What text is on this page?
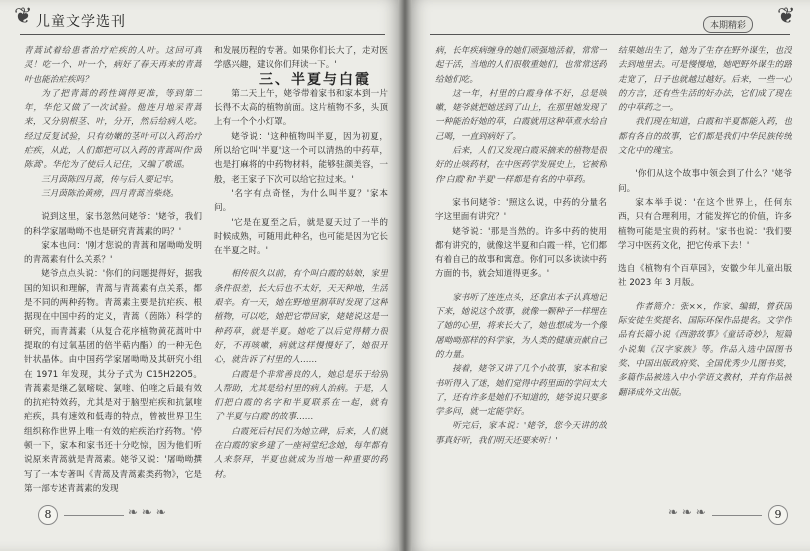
❦ 儿童文学选刊

青蒿试着给患者治疗疟疾的人叶。这回可真灵！吃一个、叶一个，病好了春天再来的青蒿叶也能治疟疾吗？

为了把青蒿的药性调得更准，等到第二年，华佗又做了一次试验。他连月地采青蒿来，又分别根茎、叶，分开，然后给病人吃。经过反复试验，只有幼嫩的茎叶可以入药治疗疟疾，从此，人们都把可以入药的青蒿叫作'茵陈蒿'。华佗为了使后人记住，又编了歌谣。

三月茵陈四月蒿，传与后人要记牢。

三月茵陈治黄痨，四月青蒿当柴烧。

说到这里，家书忽然问姥爷：'姥爷，我们的科学家屠呦呦不也是研究青蒿素的吗？'

家本也问：'刚才您说的青蒿和屠呦呦发明的青蒿素有什么关系？'

姥爷点点头说：'你们的问题提得好，据我国的知识和理解，青蒿与青蒿素有点关系，都是不同的两种药物。青蒿素主要是抗疟疾、根据现在中国中药的定义，青蒿（茵陈）科学的研究，而青蒿素（从复合花序植物黄花蒿叶中提取的有过氧基团的倍半萜内酯）的一种无色针状晶体。由中国药学家屠呦呦及其研究小组在 1971 年发现，其分子式为 C15H22O5。青蒿素是继乙氨嘧啶、氯喹、伯喹之后最有效的抗疟特效药，尤其是对于脑型疟疾和抗氯喹疟疾，具有速效和低毒的特点，曾被世界卫生组织称作世界上唯一有效的疟疾治疗药物。'停顿一下，家本和家书还十分吃惊，因为他们听说原来青蒿就是青蒿素。姥爷又说：'屠呦呦撰写了一本专著叫《青蒿及青蒿素类药物》，它是第一部专述青蒿素的发现

和发展历程的专著。如果你们长大了，走对医学感兴趣，建议你们拜读一下。'

三、半夏与白霞

第二天上午，姥爷带着家书和家本到一片长得不太高的植物前面。这片植物不多，头顶上有一个个小灯罩。

姥爷说：'这种植物叫半夏，因为初夏，所以给它叫'半夏'这一个可以清热的中药草，也是打麻将的中药物材料，能够驻颜美容，一般，老王家子下次可以给它拉过来。'

'名字有点奇怪，为什么叫半夏？'家本问。

'它是在夏至之后，就是夏天过了一半的时候成熟，可随用此种名，也可能是因为它长在半夏之时。'

相传很久以前，有个叫白霞的姑娘，家里条件很差，长大后也不太好，天天种地，生活艰辛。有一天，她在野地里割草时发现了这种植物，可以吃，她把它带回家，姥姥说这是一种药草，就是半夏。她吃了以后觉得精力很好，不再咳嗽，病就这样慢慢好了，她很开心，就告诉了村里的人……

白霞是个非常善良的人，她总是乐于给别人帮助，尤其是给村里的病人治病。于是，人们把白霞的名字和半夏联系在一起，就有了'半夏与白霞'的故事……

白霞死后村民们为她立碑，后来，人们就在白霞的家乡建了一座祠堂纪念她，每年都有人来祭拜，半夏也就成为当地一种重要的药材。

8	❧ ❧ ❧
本期精彩	❦

病，长年疾病缠身的她们顽强地活着，常常一起干活，当地的人们很敬重她们，也常常送药给她们吃。

这一年，村里的白霞身体不好，总是咳嗽，姥爷就把她送到了山上，在那里她发现了一种能治好她的草，白霞就用这种草煮水给自己喝，一直到病好了。

后来，人们又发现白霞采摘来的植物是很好的止咳药材，在中医药学发展史上，它被称作'白霞'和'半夏'一样都是有名的中草药。

家书问姥爷：'照这么说，中药的分量名字这里面有讲究？'

姥爷说：'那是当然的。许多中药的使用都有讲究的，就像这半夏和白霞一样，它们都有着自己的故事和寓意。你们可以多读读中药方面的书，就会知道得更多。'

家书听了连连点头，还拿出本子认真地记下来，她说这个故事，就像一颗种子一样埋在了她的心里，将来长大了，她也想成为一个像屠呦呦那样的科学家，为人类的健康贡献自己的力量。

接着，姥爷又讲了几个小故事，家本和家书听得入了迷，她们觉得中药里面的学问太大了，还有许多是她们不知道的，姥爷说只要多学多问，就一定能学好。

听完后，家本说：'姥爷，您今天讲的故事真好听，我们明天还要来听！'

结果她出生了，她为了生存在野外谋生，也没去到地里去。可是慢慢地，她吧野外谋生的路走宽了，日子也就越过越好。后来，一些一心的方言，还有些生活的好办法，它们成了现在的中草药之一。

我们现在知道，白霞和半夏都能入药，也都有各自的故事，它们都是我们中华民族传统文化中的瑰宝。

'你们从这个故事中领会到了什么？'姥爷问。

家本举手说：'在这个世界上，任何东西，只有合理利用，才能发挥它的价值，许多植物可能是宝贵的药材。'家书也说：'我们要学习中医药文化，把它传承下去！'

选自《植物有个百草园》，安徽少年儿童出版社 2023 年 3 月版。

作者简介：张××，作家、编辑，曾获国际安徒生奖提名、国际环保作品提名。文学作品有长篇小说《西游故事》《童话奇妙》，短篇小说集《汉字家族》等。作品入选中国图书奖、中国出版政府奖、全国优秀少儿图书奖，多篇作品被选入中小学语文教材，并有作品被翻译成外文出版。

❧ ❧ ❧	9
